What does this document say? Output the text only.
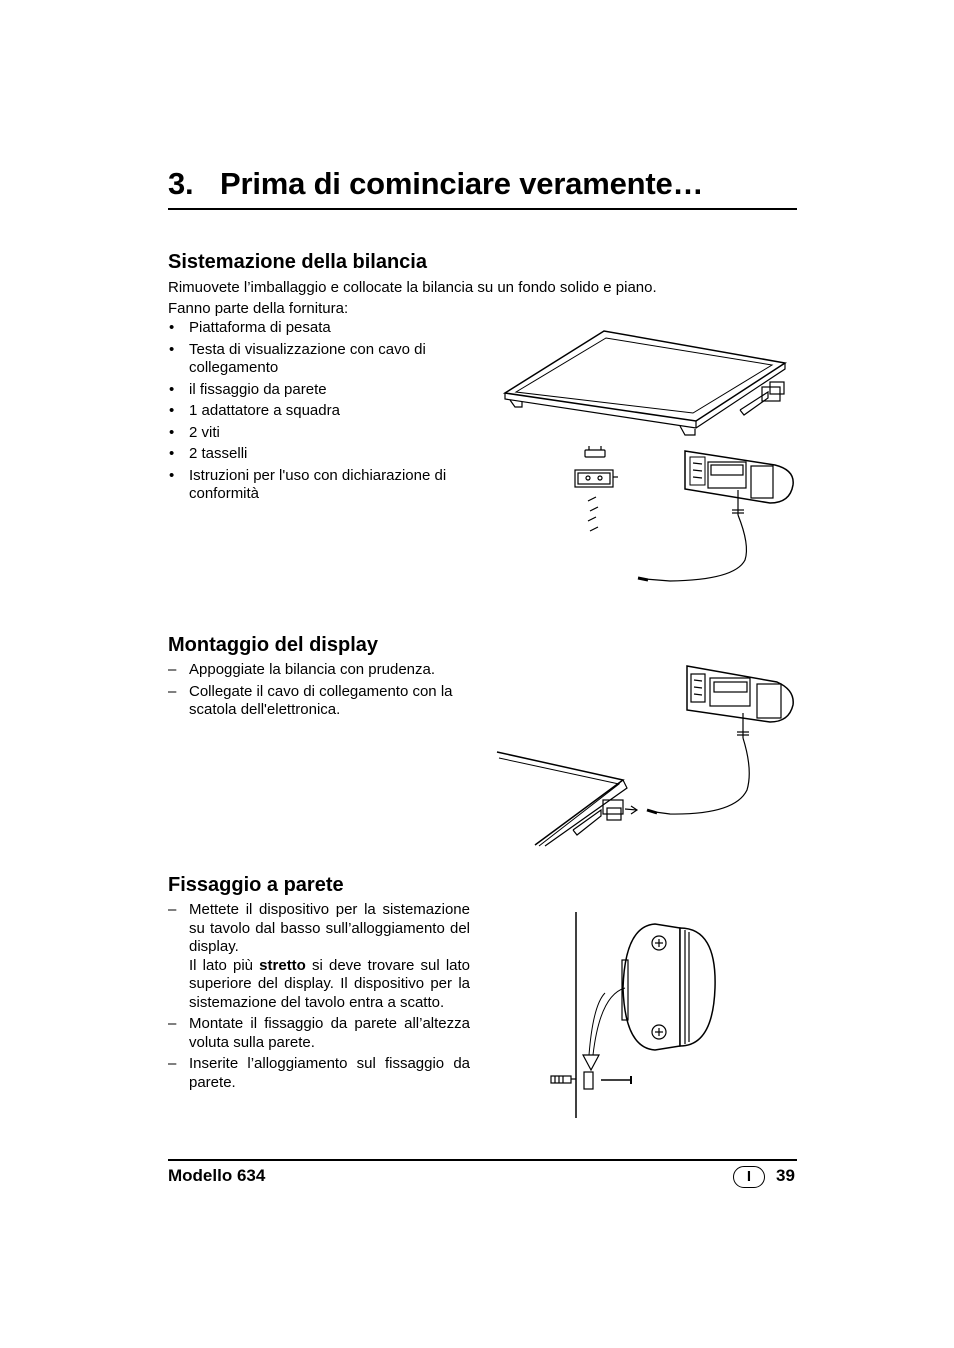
3. Prima di cominciare veramente…
Sistemazione della bilancia

Rimuovete l’imballaggio e collocate la bilancia su un fondo solido e piano.

Fanno parte della fornitura:

• Piattaforma di pesata
• Testa di visualizzazione con cavo di collegamento
• il fissaggio da parete
• 1 adattatore a squadra
• 2 viti
• 2 tasselli
• Istruzioni per l'uso con dichiarazione di conformità
Montaggio del display
– Appoggiate la bilancia con prudenza.
– Collegate il cavo di collegamento con la scatola dell'elettronica.
Fissaggio a parete
– Mettete il dispositivo per la sistemazione su tavolo dal basso sull’alloggiamento del display.
Il lato più stretto si deve trovare sul lato superiore del display. Il dispositivo per la sistemazione del tavolo entra a scatto.
– Montate il fissaggio da parete all’altezza voluta sulla parete.
– Inserite l’alloggiamento sul fissaggio da parete.
Modello 634	I	39
